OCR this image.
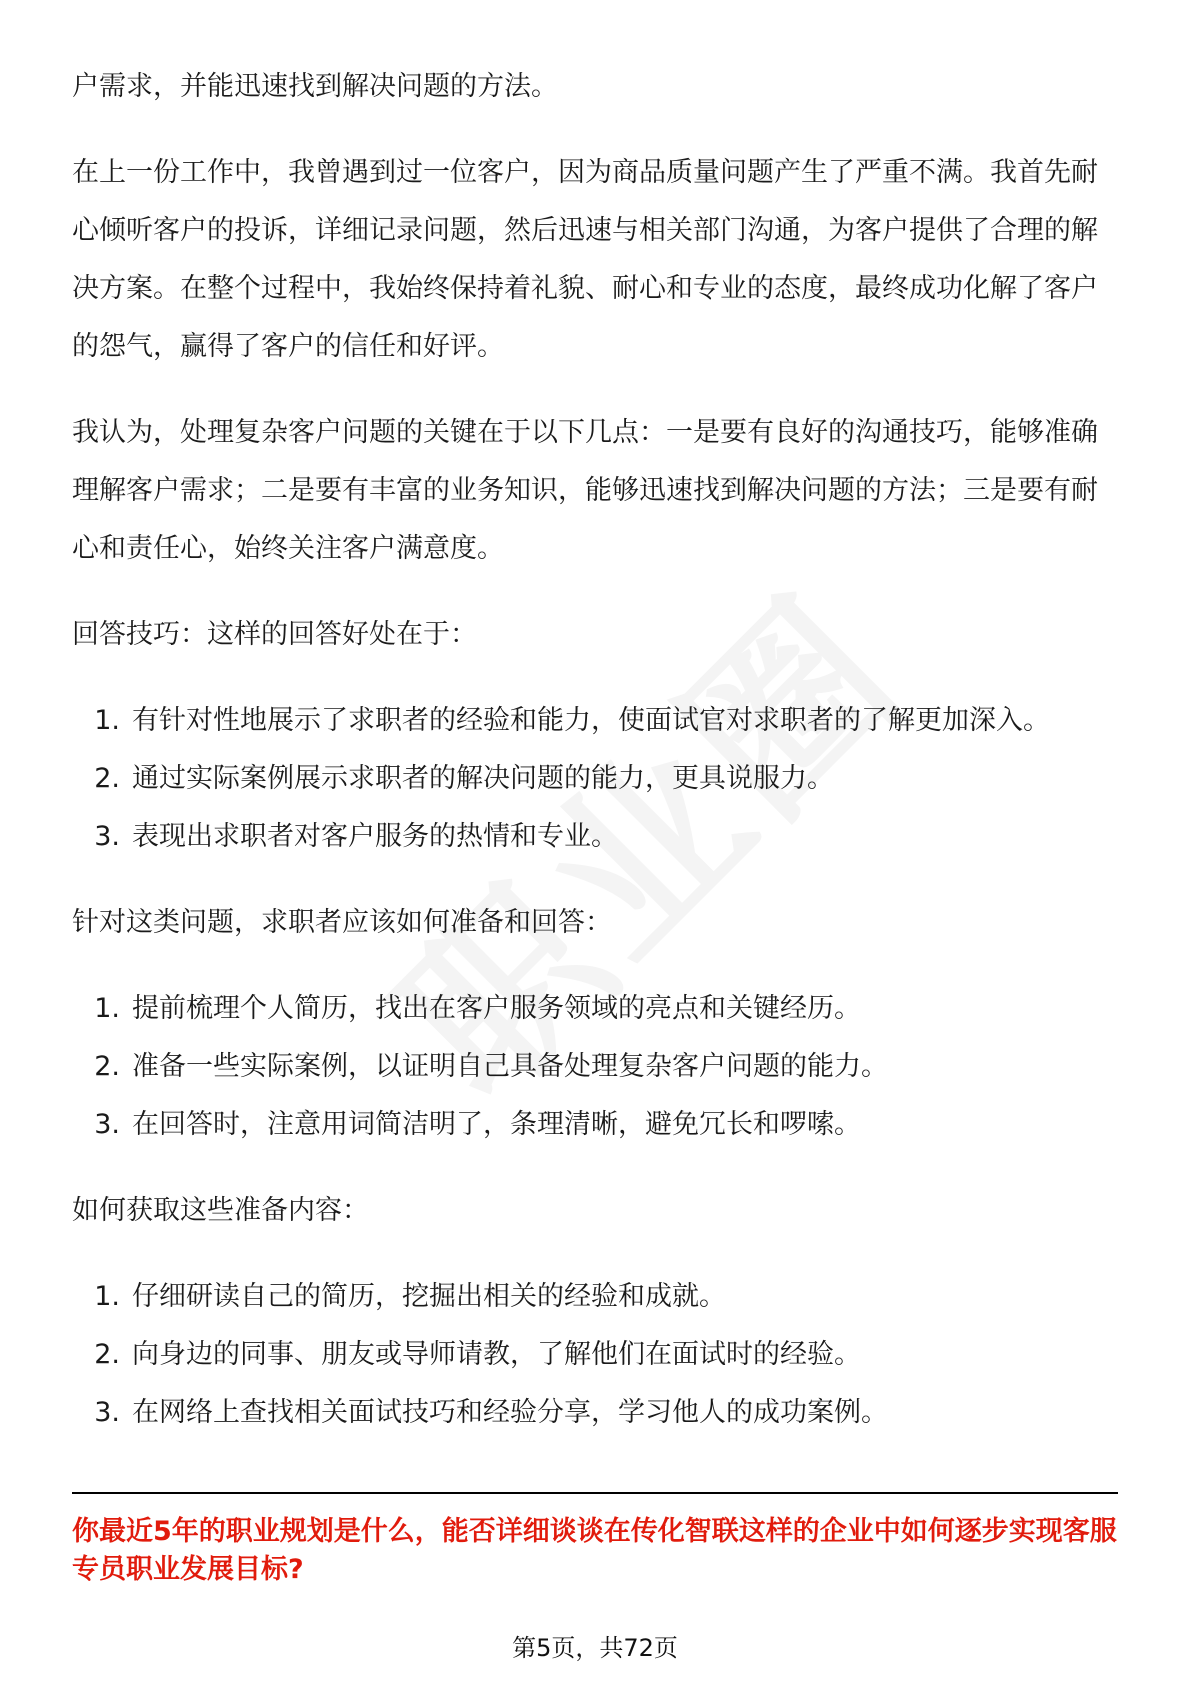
户需求，并能迅速找到解决问题的方法。

在上一份工作中，我曾遇到过一位客户，因为商品质量问题产生了严重不满。我首先耐心倾听客户的投诉，详细记录问题，然后迅速与相关部门沟通，为客户提供了合理的解决方案。在整个过程中，我始终保持着礼貌、耐心和专业的态度，最终成功化解了客户的怨气，赢得了客户的信任和好评。

我认为，处理复杂客户问题的关键在于以下几点：一是要有良好的沟通技巧，能够准确理解客户需求；二是要有丰富的业务知识，能够迅速找到解决问题的方法；三是要有耐心和责任心，始终关注客户满意度。

回答技巧：这样的回答好处在于：

1. 有针对性地展示了求职者的经验和能力，使面试官对求职者的了解更加深入。
2. 通过实际案例展示求职者的解决问题的能力，更具说服力。
3. 表现出求职者对客户服务的热情和专业。

针对这类问题，求职者应该如何准备和回答：

1. 提前梳理个人简历，找出在客户服务领域的亮点和关键经历。
2. 准备一些实际案例，以证明自己具备处理复杂客户问题的能力。
3. 在回答时，注意用词简洁明了，条理清晰，避免冗长和啰嗦。

如何获取这些准备内容：

1. 仔细研读自己的简历，挖掘出相关的经验和成就。
2. 向身边的同事、朋友或导师请教，了解他们在面试时的经验。
3. 在网络上查找相关面试技巧和经验分享，学习他人的成功案例。
你最近5年的职业规划是什么，能否详细谈谈在传化智联这样的企业中如何逐步实现客服专员职业发展目标?
第5页，共72页
